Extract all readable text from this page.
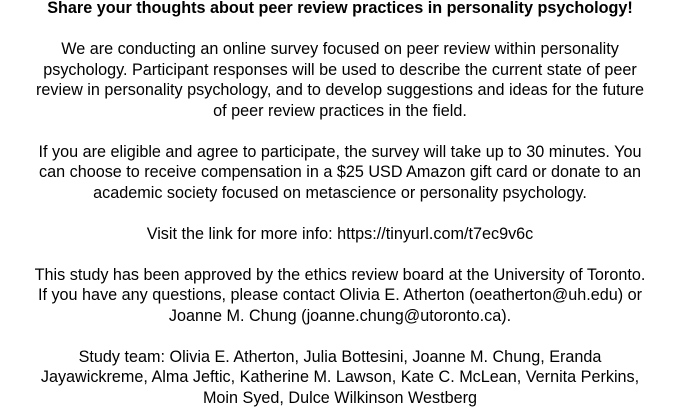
Share your thoughts about peer review practices in personality psychology!
We are conducting an online survey focused on peer review within personality
psychology. Participant responses will be used to describe the current state of peer
review in personality psychology, and to develop suggestions and ideas for the future
of peer review practices in the field.
If you are eligible and agree to participate, the survey will take up to 30 minutes. You
can choose to receive compensation in a $25 USD Amazon gift card or donate to an
academic society focused on metascience or personality psychology.
Visit the link for more info: https://tinyurl.com/t7ec9v6c
This study has been approved by the ethics review board at the University of Toronto.
If you have any questions, please contact Olivia E. Atherton (oeatherton@uh.edu) or
Joanne M. Chung (joanne.chung@utoronto.ca).
Study team: Olivia E. Atherton, Julia Bottesini, Joanne M. Chung, Eranda
Jayawickreme, Alma Jeftic, Katherine M. Lawson, Kate C. McLean, Vernita Perkins,
Moin Syed, Dulce Wilkinson Westberg
